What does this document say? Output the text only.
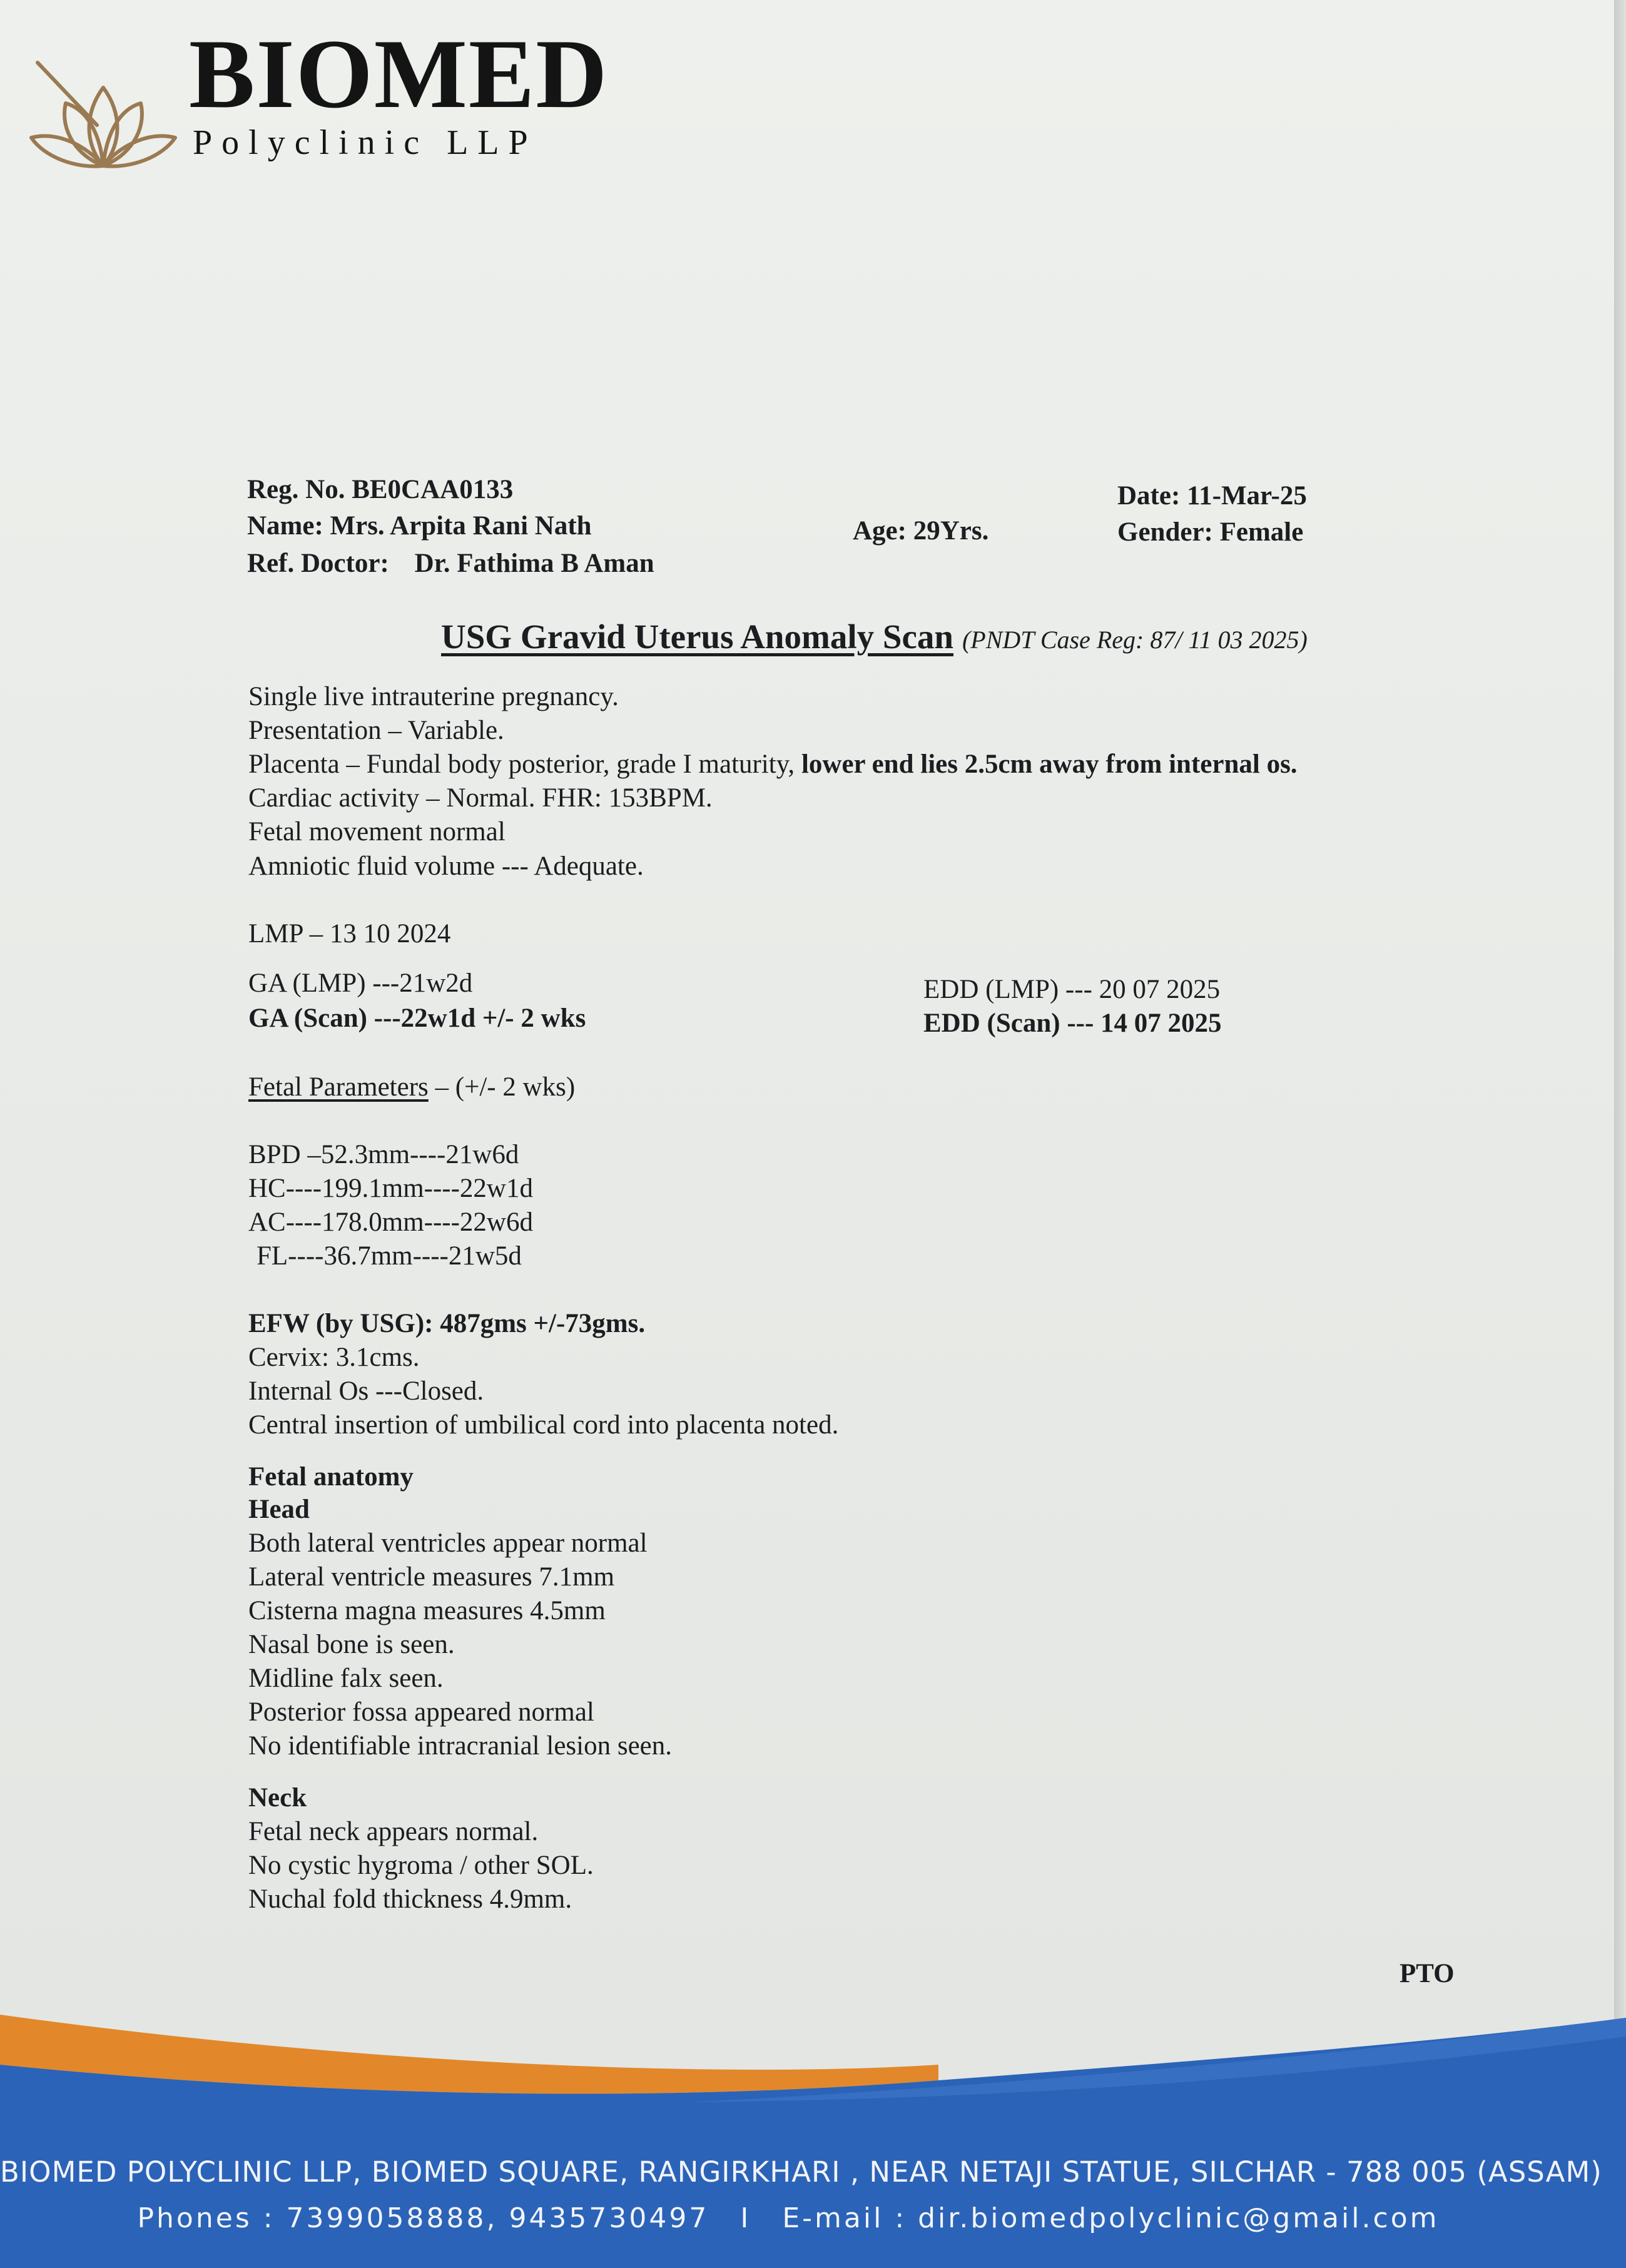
BIOMED
Polyclinic LLP
Reg. No. BE0CAA0133
Name: Mrs. Arpita Rani Nath
Ref. Doctor: Dr. Fathima B Aman
Age: 29Yrs.
Date: 11-Mar-25
Gender: Female
USG Gravid Uterus Anomaly Scan (PNDT Case Reg: 87/ 11 03 2025)
Single live intrauterine pregnancy.
Presentation – Variable.
Placenta – Fundal body posterior, grade I maturity, lower end lies 2.5cm away from internal os.
Cardiac activity – Normal. FHR: 153BPM.
Fetal movement normal
Amniotic fluid volume --- Adequate.
LMP – 13 10 2024
GA (LMP) ---21w2d
GA (Scan) ---22w1d +/- 2 wks
EDD (LMP) --- 20 07 2025
EDD (Scan) --- 14 07 2025
Fetal Parameters – (+/- 2 wks)
BPD –52.3mm----21w6d
HC----199.1mm----22w1d
AC----178.0mm----22w6d
FL----36.7mm----21w5d
EFW (by USG): 487gms +/-73gms.
Cervix: 3.1cms.
Internal Os ---Closed.
Central insertion of umbilical cord into placenta noted.
Fetal anatomy
Head
Both lateral ventricles appear normal
Lateral ventricle measures 7.1mm
Cisterna magna measures 4.5mm
Nasal bone is seen.
Midline falx seen.
Posterior fossa appeared normal
No identifiable intracranial lesion seen.
Neck
Fetal neck appears normal.
No cystic hygroma / other SOL.
Nuchal fold thickness 4.9mm.
PTO
BIOMED POLYCLINIC LLP, BIOMED SQUARE, RANGIRKHARI , NEAR NETAJI STATUE, SILCHAR - 788 005 (ASSAM)
Phones : 7399058888, 9435730497 I E-mail : dir.biomedpolyclinic@gmail.com
